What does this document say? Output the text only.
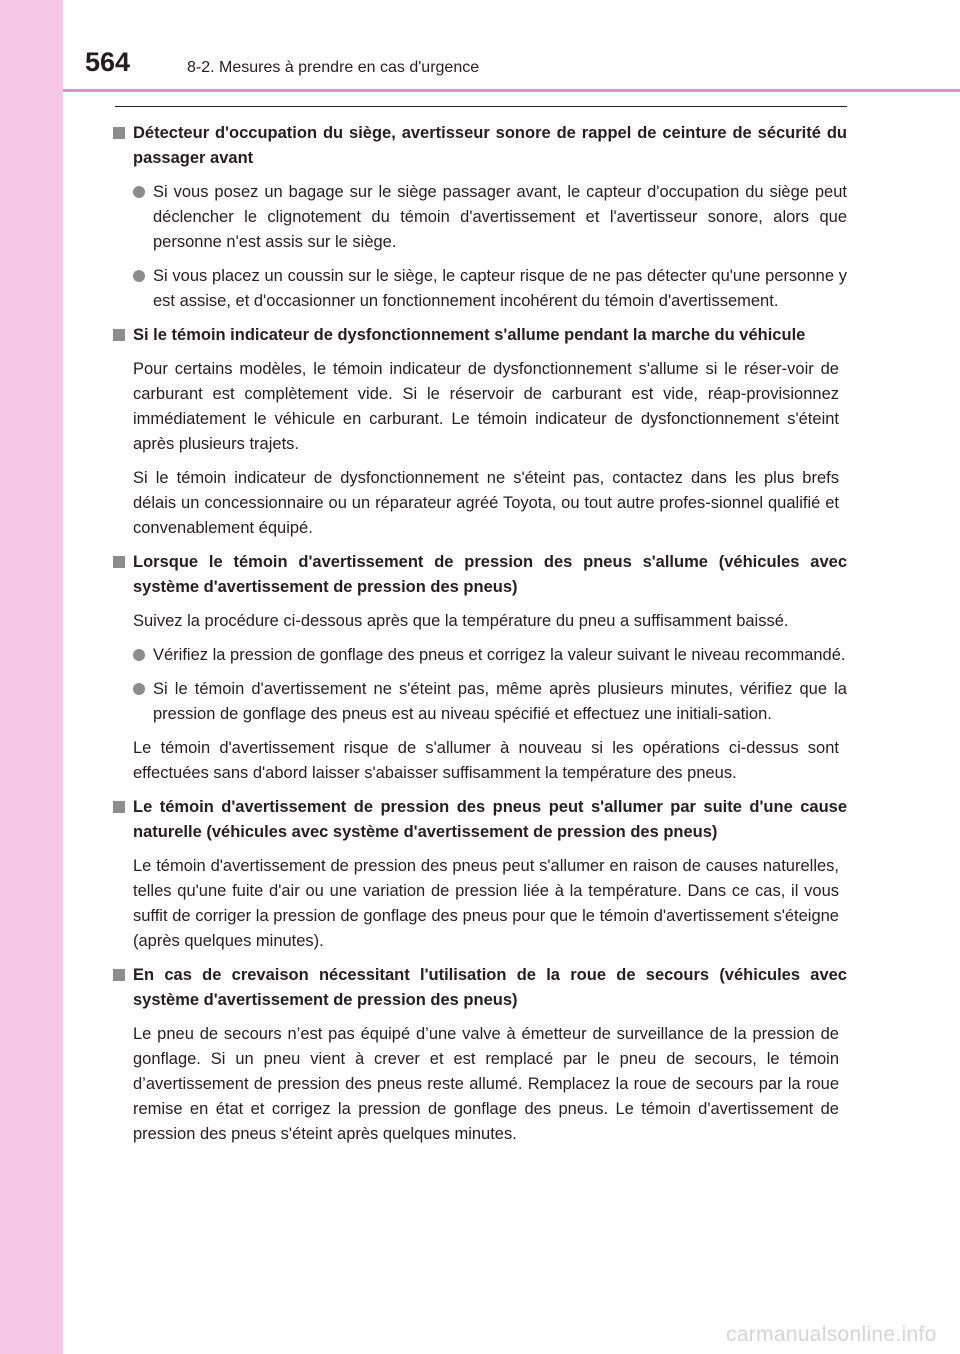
564	8-2. Mesures à prendre en cas d'urgence
Détecteur d'occupation du siège, avertisseur sonore de rappel de ceinture de sécurité du passager avant
Si vous posez un bagage sur le siège passager avant, le capteur d'occupation du siège peut déclencher le clignotement du témoin d'avertissement et l'avertisseur sonore, alors que personne n'est assis sur le siège.
Si vous placez un coussin sur le siège, le capteur risque de ne pas détecter qu'une personne y est assise, et d'occasionner un fonctionnement incohérent du témoin d'avertissement.
Si le témoin indicateur de dysfonctionnement s'allume pendant la marche du véhicule
Pour certains modèles, le témoin indicateur de dysfonctionnement s'allume si le réser-voir de carburant est complètement vide. Si le réservoir de carburant est vide, réap-provisionnez immédiatement le véhicule en carburant. Le témoin indicateur de dysfonctionnement s'éteint après plusieurs trajets.
Si le témoin indicateur de dysfonctionnement ne s'éteint pas, contactez dans les plus brefs délais un concessionnaire ou un réparateur agréé Toyota, ou tout autre profes-sionnel qualifié et convenablement équipé.
Lorsque le témoin d'avertissement de pression des pneus s'allume (véhicules avec système d'avertissement de pression des pneus)
Suivez la procédure ci-dessous après que la température du pneu a suffisamment baissé.
Vérifiez la pression de gonflage des pneus et corrigez la valeur suivant le niveau recommandé.
Si le témoin d'avertissement ne s'éteint pas, même après plusieurs minutes, vérifiez que la pression de gonflage des pneus est au niveau spécifié et effectuez une initiali-sation.
Le témoin d'avertissement risque de s'allumer à nouveau si les opérations ci-dessus sont effectuées sans d'abord laisser s'abaisser suffisamment la température des pneus.
Le témoin d'avertissement de pression des pneus peut s'allumer par suite d'une cause naturelle (véhicules avec système d'avertissement de pression des pneus)
Le témoin d'avertissement de pression des pneus peut s'allumer en raison de causes naturelles, telles qu'une fuite d'air ou une variation de pression liée à la température. Dans ce cas, il vous suffit de corriger la pression de gonflage des pneus pour que le témoin d'avertissement s'éteigne (après quelques minutes).
En cas de crevaison nécessitant l'utilisation de la roue de secours (véhicules avec système d'avertissement de pression des pneus)
Le pneu de secours n’est pas équipé d’une valve à émetteur de surveillance de la pression de gonflage. Si un pneu vient à crever et est remplacé par le pneu de secours, le témoin d’avertissement de pression des pneus reste allumé. Remplacez la roue de secours par la roue remise en état et corrigez la pression de gonflage des pneus. Le témoin d'avertissement de pression des pneus s'éteint après quelques minutes.
carmanualsonline.info
